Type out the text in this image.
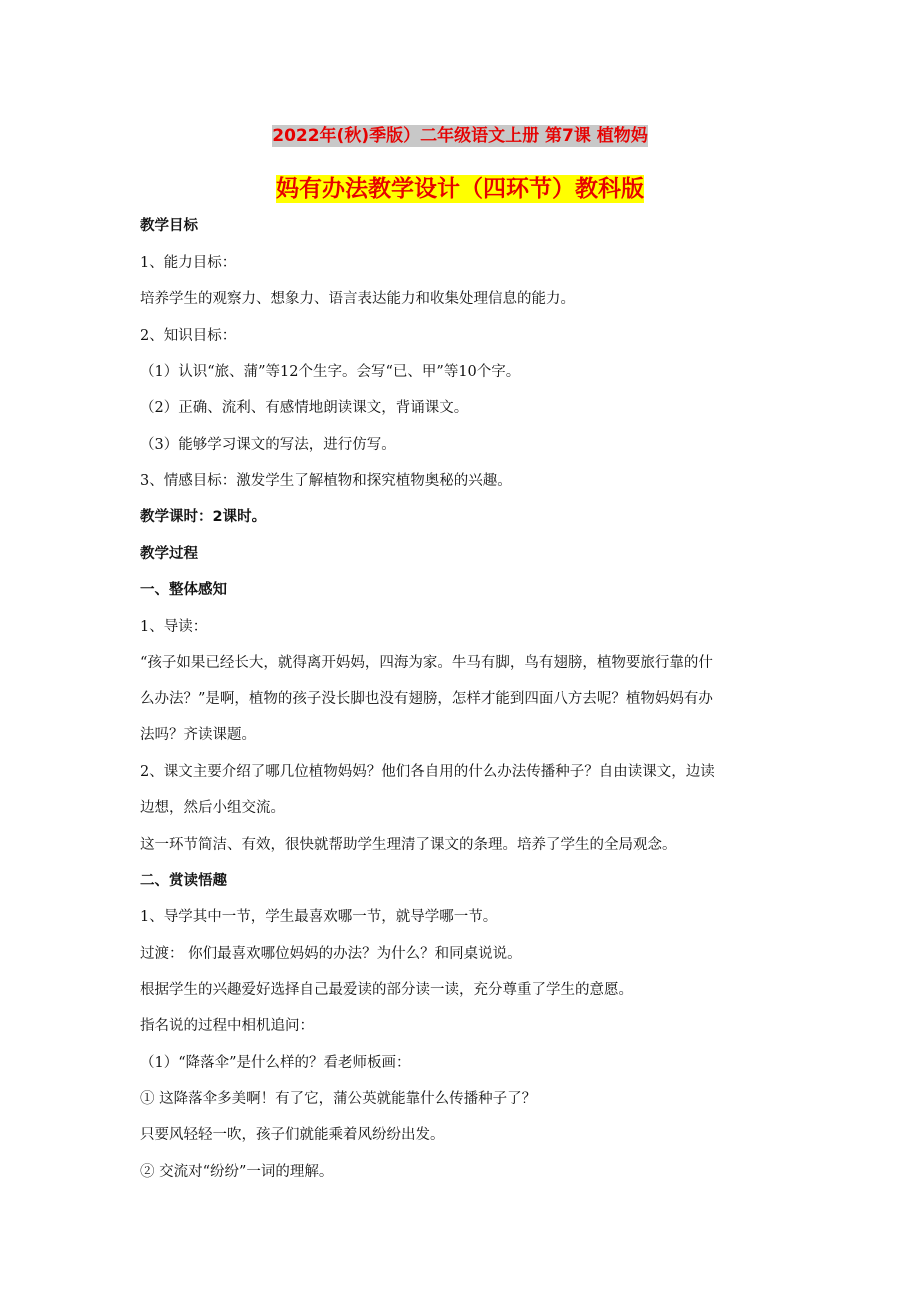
2022年(秋)季版）二年级语文上册 第7课 植物妈
妈有办法教学设计（四环节）教科版
教学目标
1、能力目标：
培养学生的观察力、想象力、语言表达能力和收集处理信息的能力。
2、知识目标：
（1）认识“旅、蒲”等12个生字。会写“已、甲”等10个字。
（2）正确、流利、有感情地朗读课文，背诵课文。
（3）能够学习课文的写法，进行仿写。
3、情感目标：激发学生了解植物和探究植物奥秘的兴趣。
教学课时：2课时。
教学过程
一、整体感知
1、导读：
“孩子如果已经长大，就得离开妈妈，四海为家。牛马有脚，鸟有翅膀，植物要旅行靠的什
么办法？”是啊，植物的孩子没长脚也没有翅膀，怎样才能到四面八方去呢？植物妈妈有办
法吗？齐读课题。
2、课文主要介绍了哪几位植物妈妈？他们各自用的什么办法传播种子？自由读课文，边读
边想，然后小组交流。
这一环节简洁、有效，很快就帮助学生理清了课文的条理。培养了学生的全局观念。
二、赏读悟趣
1、导学其中一节，学生最喜欢哪一节，就导学哪一节。
过渡： 你们最喜欢哪位妈妈的办法？为什么？和同桌说说。
根据学生的兴趣爱好选择自己最爱读的部分读一读，充分尊重了学生的意愿。
指名说的过程中相机追问：
（1）“降落伞”是什么样的？看老师板画：
① 这降落伞多美啊！有了它，蒲公英就能靠什么传播种子了？
只要风轻轻一吹，孩子们就能乘着风纷纷出发。
② 交流对“纷纷”一词的理解。
